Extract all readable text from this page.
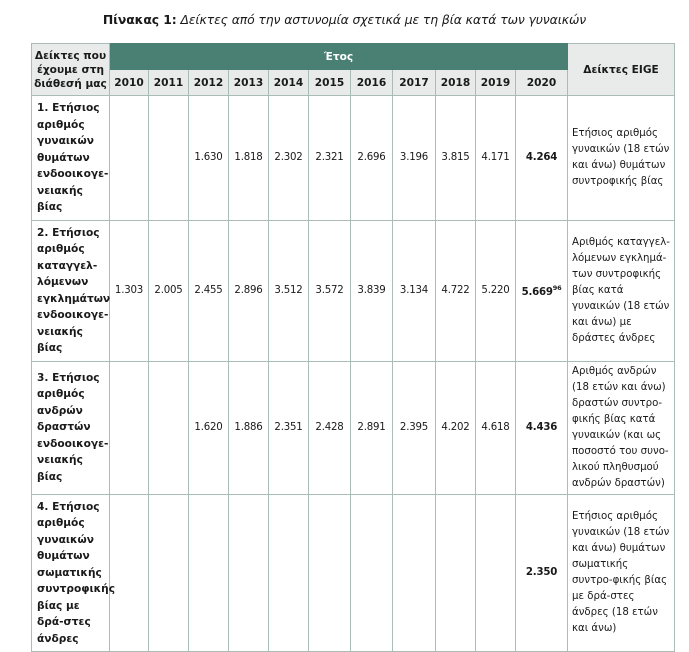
Πίνακας 1: Δείκτες από την αστυνομία σχετικά με τη βία κατά των γυναικών
Δείκτες που έχουμε στη διάθεσή μας	Έτος											Δείκτες EIGE
	2010	2011	2012	2013	2014	2015	2016	2017	2018	2019	2020	
1. Ετήσιος αριθμός γυναικών θυμάτων ενδοοικογε-νειακής βίας			1.630	1.818	2.302	2.321	2.696	3.196	3.815	4.171	4.264	Ετήσιος αριθμός γυναικών (18 ετών και άνω) θυμάτων συντροφικής βίας
2. Ετήσιος αριθμός καταγγελ-λόμενων εγκλημάτων ενδοοικογε-νειακής βίας	1.303	2.005	2.455	2.896	3.512	3.572	3.839	3.134	4.722	5.220	5.669$^{96}$	Αριθμός καταγγελ-λόμενων εγκλημά-των συντροφικής βίας κατά γυναικών (18 ετών και άνω) με δράστες άνδρες
3. Ετήσιος αριθμός ανδρών δραστών ενδοοικογε-νειακής βίας			1.620	1.886	2.351	2.428	2.891	2.395	4.202	4.618	4.436	Αριθμός ανδρών (18 ετών και άνω) δραστών συντρο-φικής βίας κατά γυναικών (και ως ποσοστό του συνο-λικού πληθυσμού ανδρών δραστών)
4. Ετήσιος αριθμός γυναικών θυμάτων σωματικής συντροφικής βίας με δρά-στες άνδρες											2.350	Ετήσιος αριθμός γυναικών (18 ετών και άνω) θυμάτων σωματικής συντρο-φικής βίας με δρά-στες άνδρες (18 ετών και άνω)
